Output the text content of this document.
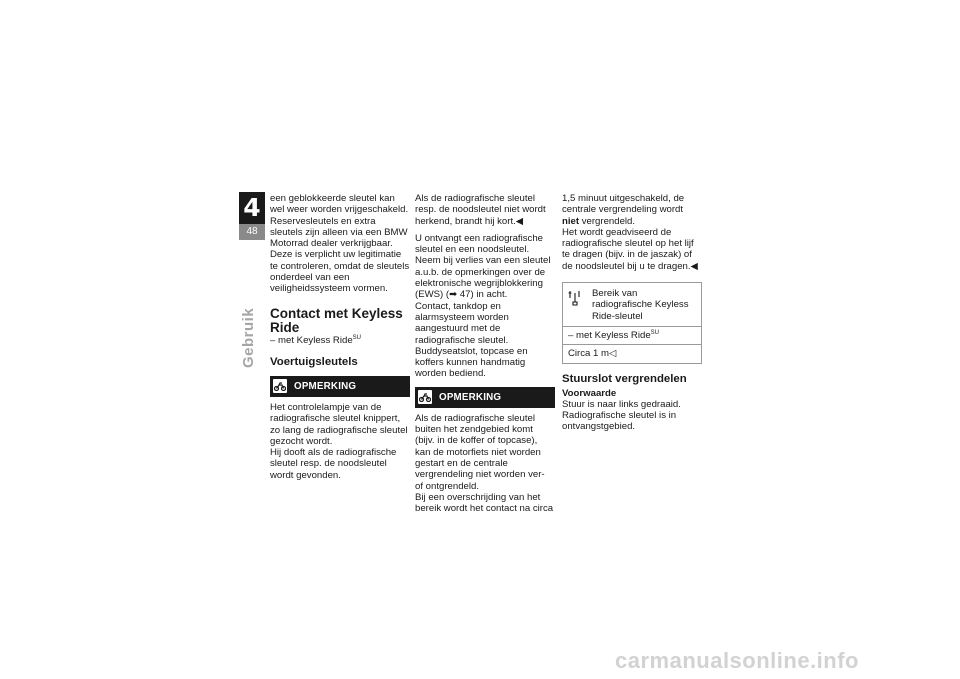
4
48
Gebruik

een geblokkeerde sleutel kan wel weer worden vrijgeschakeld. Reservesleutels en extra sleutels zijn alleen via een BMW Motorrad dealer verkrijgbaar. Deze is verplicht uw legitimatie te controleren, omdat de sleutels onderdeel van een veiligheidssysteem vormen.

Contact met Keyless Ride

– met Keyless Ride$^{SU}$

Voertuigsleutels

OPMERKING

Het controlelampje van de radiografische sleutel knippert, zo lang de radiografische sleutel gezocht wordt.

Hij dooft als de radiografische sleutel resp. de noodsleutel wordt gevonden.

Als de radiografische sleutel resp. de noodsleutel niet wordt herkend, brandt hij kort.◀

U ontvangt een radiografische sleutel en een noodsleutel. Neem bij verlies van een sleutel a.u.b. de opmerkingen over de elektronische wegrijblokkering (EWS) (➡ 47) in acht.

Contact, tankdop en alarmsysteem worden aangestuurd met de radiografische sleutel. Buddyseatslot, topcase en koffers kunnen handmatig worden bediend.

OPMERKING

Als de radiografische sleutel buiten het zendgebied komt (bijv. in de koffer of topcase), kan de motorfiets niet worden gestart en de centrale vergrendeling niet worden ver- of ontgrendeld.

Bij een overschrijding van het bereik wordt het contact na circa

1,5 minuut uitgeschakeld, de centrale vergrendeling wordt niet vergrendeld.

Het wordt geadviseerd de radiografische sleutel op het lijf te dragen (bijv. in de jaszak) of de noodsleutel bij u te dragen.◀

Bereik van radiografische Keyless Ride-sleutel
– met Keyless Ride$^{SU}$
Circa 1 m◁

Stuurslot vergrendelen

Voorwaarde

Stuur is naar links gedraaid. Radiografische sleutel is in ontvangstgebied.

carmanualsonline.info
